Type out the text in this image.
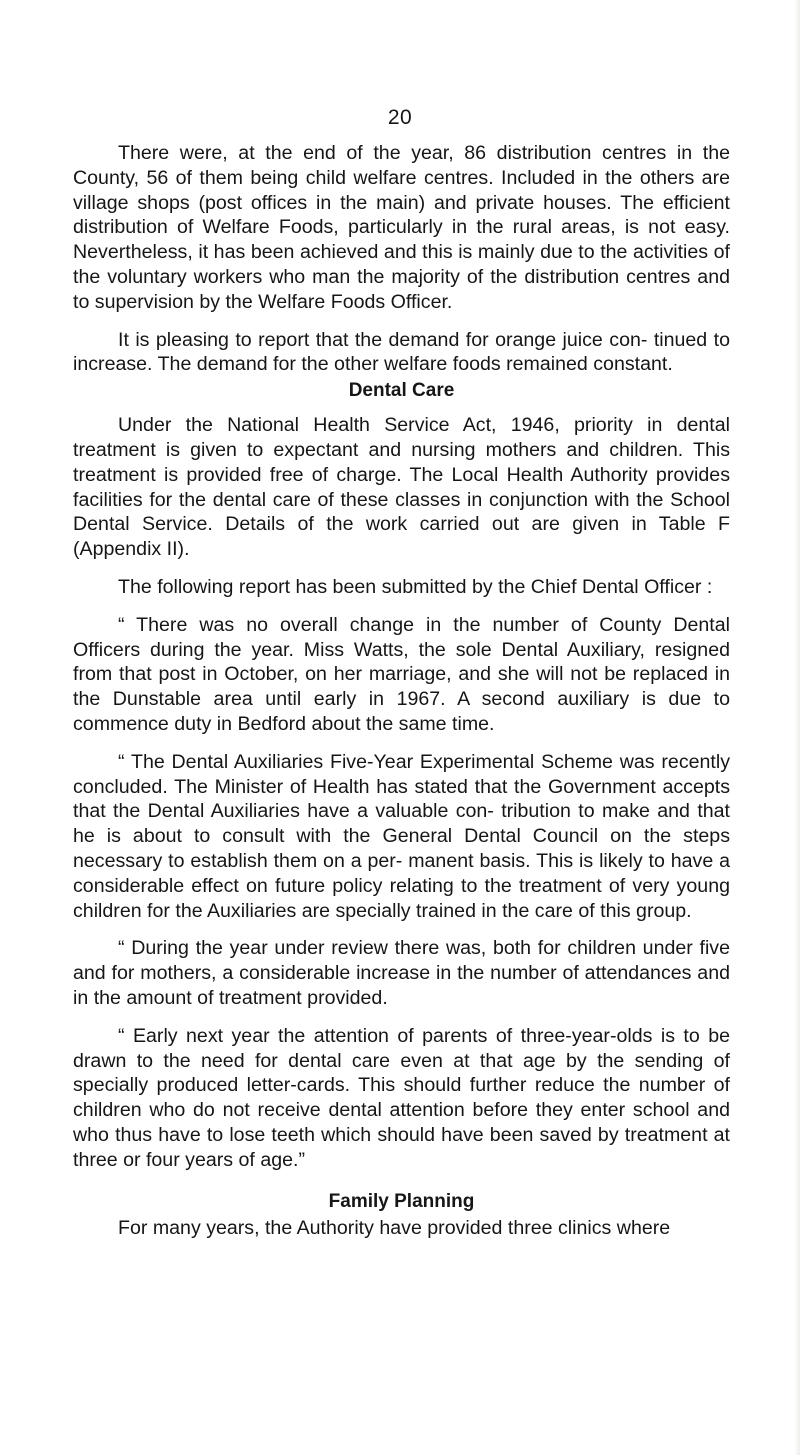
20

There were, at the end of the year, 86 distribution centres in the County, 56 of them being child welfare centres. Included in the others are village shops (post offices in the main) and private houses. The efficient distribution of Welfare Foods, particularly in the rural areas, is not easy. Nevertheless, it has been achieved and this is mainly due to the activities of the voluntary workers who man the majority of the distribution centres and to supervision by the Welfare Foods Officer.

It is pleasing to report that the demand for orange juice con- tinued to increase. The demand for the other welfare foods remained constant.

Dental Care

Under the National Health Service Act, 1946, priority in dental treatment is given to expectant and nursing mothers and children. This treatment is provided free of charge. The Local Health Authority provides facilities for the dental care of these classes in conjunction with the School Dental Service. Details of the work carried out are given in Table F (Appendix II).

The following report has been submitted by the Chief Dental Officer :

“ There was no overall change in the number of County Dental Officers during the year. Miss Watts, the sole Dental Auxiliary, resigned from that post in October, on her marriage, and she will not be replaced in the Dunstable area until early in 1967. A second auxiliary is due to commence duty in Bedford about the same time.

“ The Dental Auxiliaries Five-Year Experimental Scheme was recently concluded. The Minister of Health has stated that the Government accepts that the Dental Auxiliaries have a valuable con- tribution to make and that he is about to consult with the General Dental Council on the steps necessary to establish them on a per- manent basis. This is likely to have a considerable effect on future policy relating to the treatment of very young children for the Auxiliaries are specially trained in the care of this group.

“ During the year under review there was, both for children under five and for mothers, a considerable increase in the number of attendances and in the amount of treatment provided.

“ Early next year the attention of parents of three-year-olds is to be drawn to the need for dental care even at that age by the sending of specially produced letter-cards. This should further reduce the number of children who do not receive dental attention before they enter school and who thus have to lose teeth which should have been saved by treatment at three or four years of age.”

Family Planning

For many years, the Authority have provided three clinics where
